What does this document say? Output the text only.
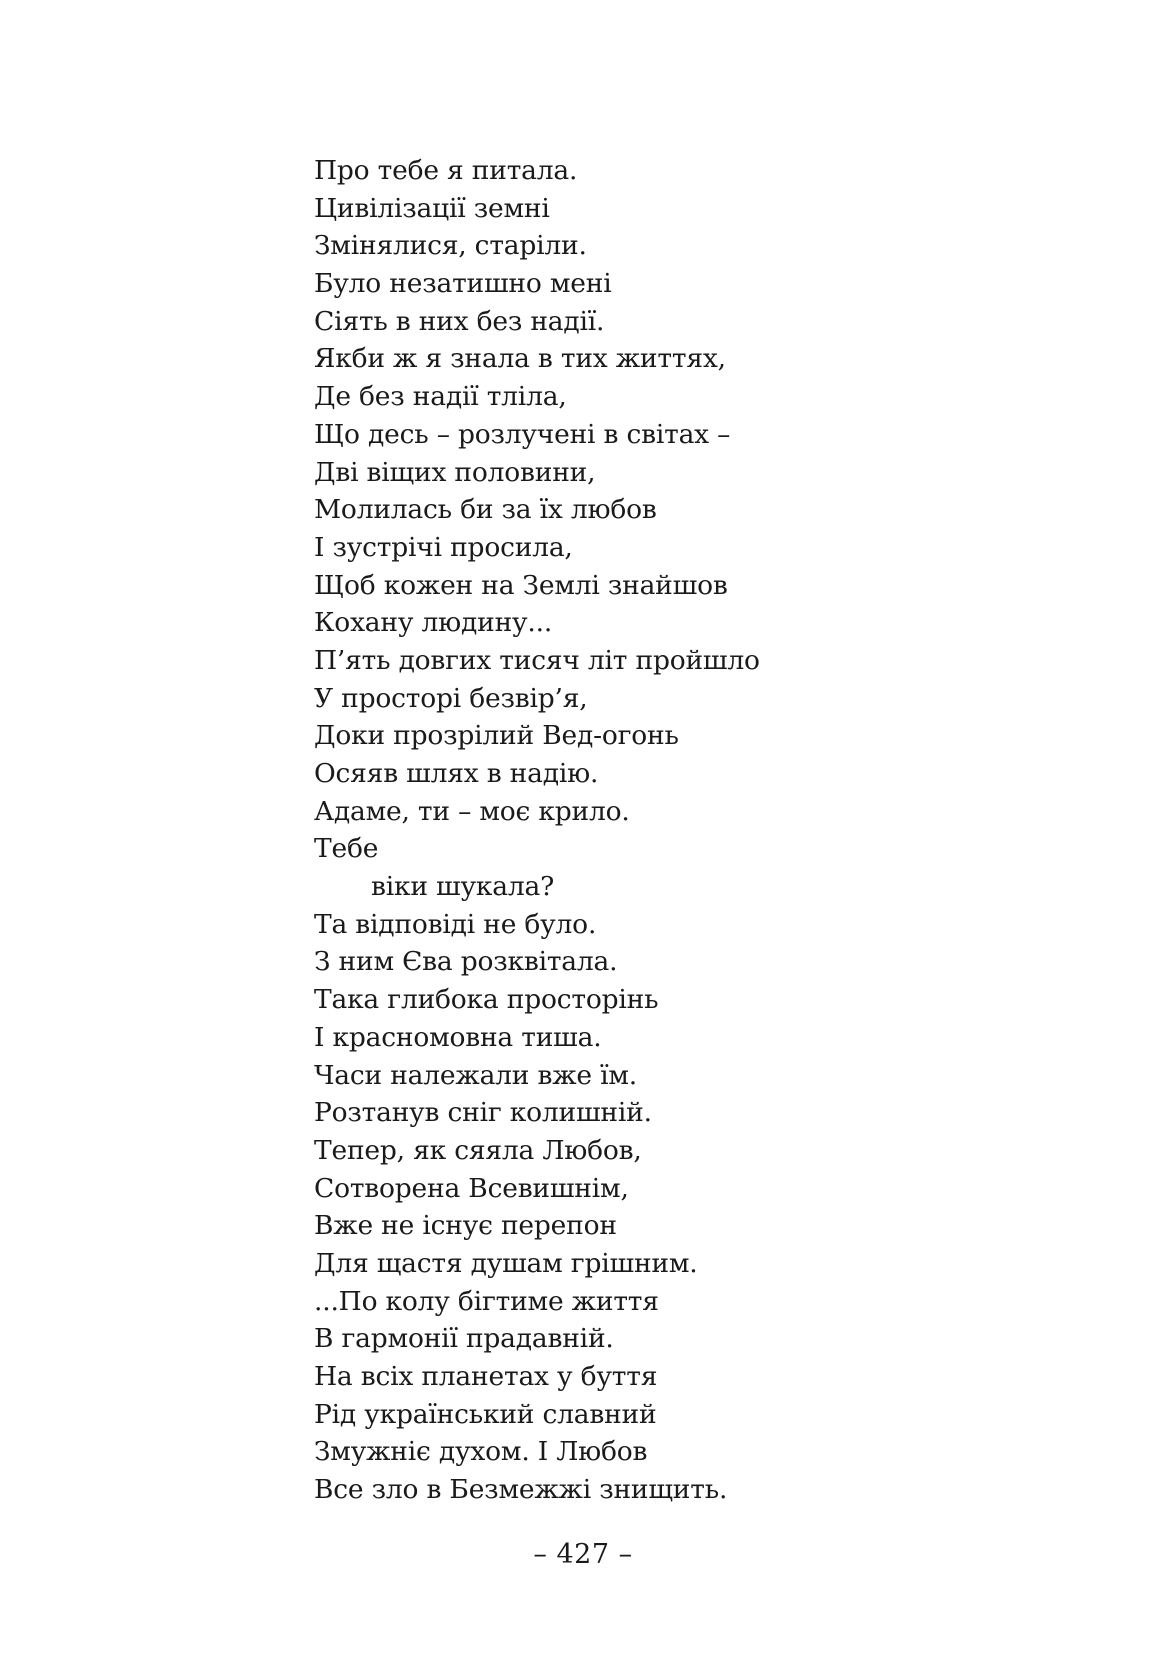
Про тебе я питала.
Цивілізації земні
Змінялися, старіли.
Було незатишно мені
Сіять в них без надії.
Якби ж я знала в тих життях,
Де без надії тліла,
Що десь – розлучені в світах –
Дві віщих половини,
Молилась би за їх любов
І зустрічі просила,
Щоб кожен на Землі знайшов
Кохану людину...
П’ять довгих тисяч літ пройшло
У просторі безвір’я,
Доки прозрілий Вед-огонь
Осяяв шлях в надію.
Адаме, ти – моє крило.
Тебе
віки шукала?
Та відповіді не було.
З ним Єва розквітала.
Така глибока просторінь
І красномовна тиша.
Часи належали вже їм.
Розтанув сніг колишній.
Тепер, як сяяла Любов,
Сотворена Всевишнім,
Вже не існує перепон
Для щастя душам грішним.
...По колу бігтиме життя
В гармонії прадавній.
На всіх планетах у буття
Рід український славний
Змужніє духом. І Любов
Все зло в Безмежжі знищить.
– 427 –
